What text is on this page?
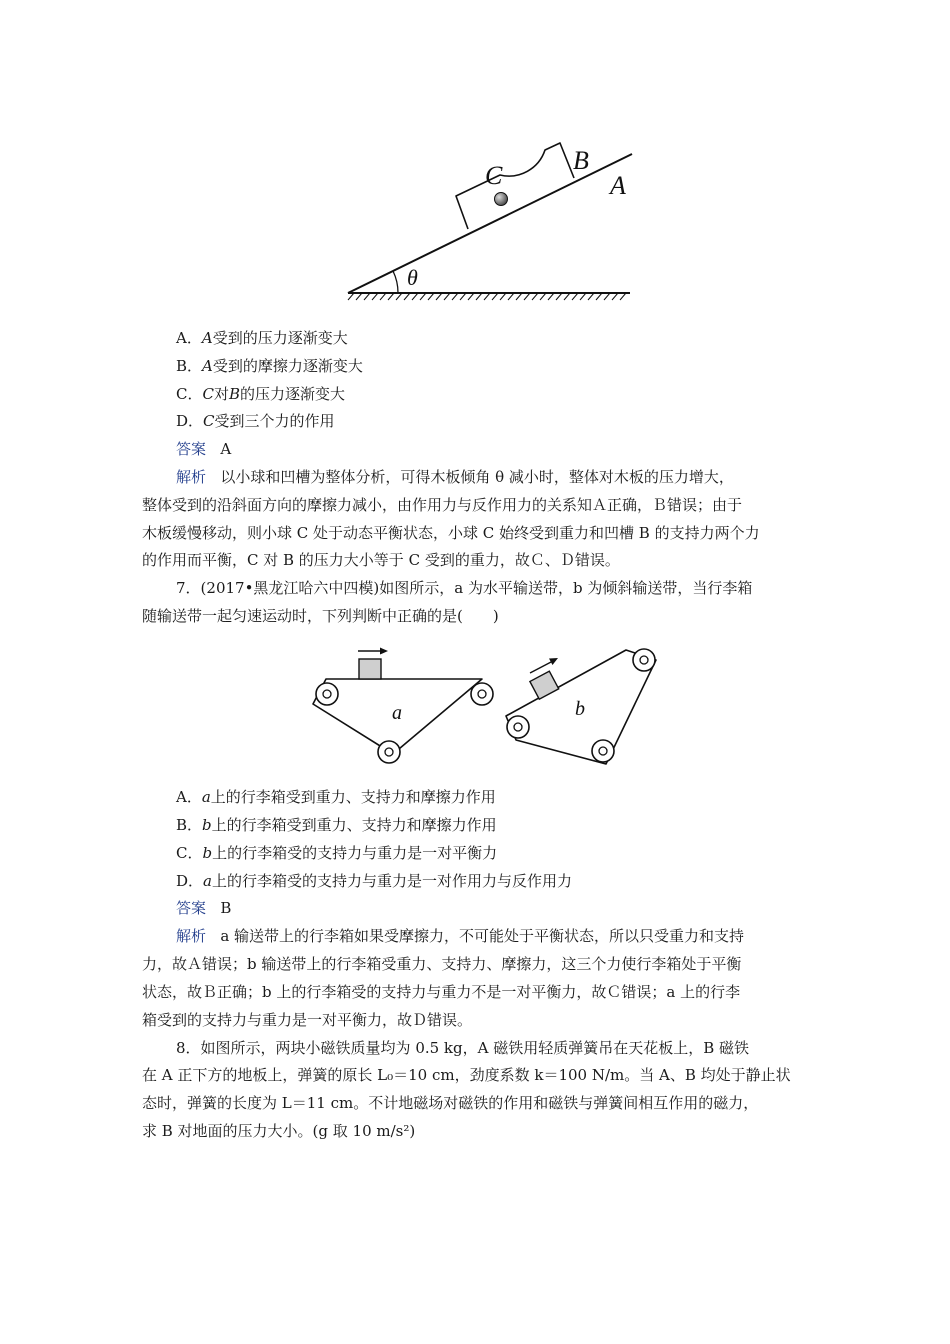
C
B
A
θ
A．A受到的压力逐渐变大
B．A受到的摩擦力逐渐变大
C．C对B的压力逐渐变大
D．C受到三个力的作用
答案 A
解析 以小球和凹槽为整体分析，可得木板倾角 θ 减小时，整体对木板的压力增大，
整体受到的沿斜面方向的摩擦力减小，由作用力与反作用力的关系知Ａ正确，Ｂ错误；由于
木板缓慢移动，则小球 C 处于动态平衡状态，小球 C 始终受到重力和凹槽 B 的支持力两个力
的作用而平衡，C 对 B 的压力大小等于 C 受到的重力，故Ｃ、Ｄ错误。
7．(2017•黑龙江哈六中四模)如图所示，a 为水平输送带，b 为倾斜输送带，当行李箱
随输送带一起匀速运动时，下列判断中正确的是(　　)
a	b
A．a上的行李箱受到重力、支持力和摩擦力作用
B．b上的行李箱受到重力、支持力和摩擦力作用
C．b上的行李箱受的支持力与重力是一对平衡力
D．a上的行李箱受的支持力与重力是一对作用力与反作用力
答案 B
解析 a 输送带上的行李箱如果受摩擦力，不可能处于平衡状态，所以只受重力和支持
力，故Ａ错误；b 输送带上的行李箱受重力、支持力、摩擦力，这三个力使行李箱处于平衡
状态，故Ｂ正确；b 上的行李箱受的支持力与重力不是一对平衡力，故Ｃ错误；a 上的行李
箱受到的支持力与重力是一对平衡力，故Ｄ错误。
8．如图所示，两块小磁铁质量均为 0.5 kg，A 磁铁用轻质弹簧吊在天花板上，B 磁铁
在 A 正下方的地板上，弹簧的原长 L₀＝10 cm，劲度系数 k＝100 N/m。当 A、B 均处于静止状
态时，弹簧的长度为 L＝11 cm。不计地磁场对磁铁的作用和磁铁与弹簧间相互作用的磁力，
求 B 对地面的压力大小。(g 取 10 m/s²)
